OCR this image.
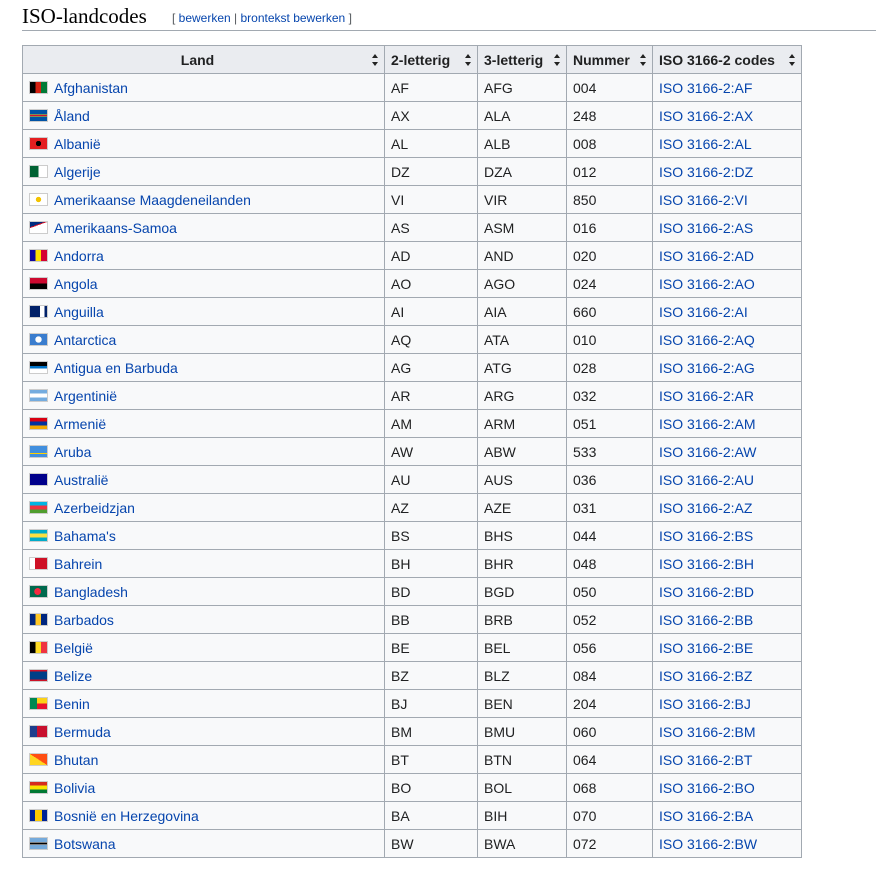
ISO-landcodes [ bewerken | brontekst bewerken ]
Land	2-letterig	3-letterig	Nummer	ISO 3166-2 codes

Afghanistan	AF	AFG	004	ISO 3166-2:AF
Åland	AX	ALA	248	ISO 3166-2:AX
Albanië	AL	ALB	008	ISO 3166-2:AL
Algerije	DZ	DZA	012	ISO 3166-2:DZ
Amerikaanse Maagdeneilanden	VI	VIR	850	ISO 3166-2:VI
Amerikaans-Samoa	AS	ASM	016	ISO 3166-2:AS
Andorra	AD	AND	020	ISO 3166-2:AD
Angola	AO	AGO	024	ISO 3166-2:AO
Anguilla	AI	AIA	660	ISO 3166-2:AI
Antarctica	AQ	ATA	010	ISO 3166-2:AQ
Antigua en Barbuda	AG	ATG	028	ISO 3166-2:AG
Argentinië	AR	ARG	032	ISO 3166-2:AR
Armenië	AM	ARM	051	ISO 3166-2:AM
Aruba	AW	ABW	533	ISO 3166-2:AW
Australië	AU	AUS	036	ISO 3166-2:AU
Azerbeidzjan	AZ	AZE	031	ISO 3166-2:AZ
Bahama's	BS	BHS	044	ISO 3166-2:BS
Bahrein	BH	BHR	048	ISO 3166-2:BH
Bangladesh	BD	BGD	050	ISO 3166-2:BD
Barbados	BB	BRB	052	ISO 3166-2:BB
België	BE	BEL	056	ISO 3166-2:BE
Belize	BZ	BLZ	084	ISO 3166-2:BZ
Benin	BJ	BEN	204	ISO 3166-2:BJ
Bermuda	BM	BMU	060	ISO 3166-2:BM
Bhutan	BT	BTN	064	ISO 3166-2:BT
Bolivia	BO	BOL	068	ISO 3166-2:BO
Bosnië en Herzegovina	BA	BIH	070	ISO 3166-2:BA
Botswana	BW	BWA	072	ISO 3166-2:BW
